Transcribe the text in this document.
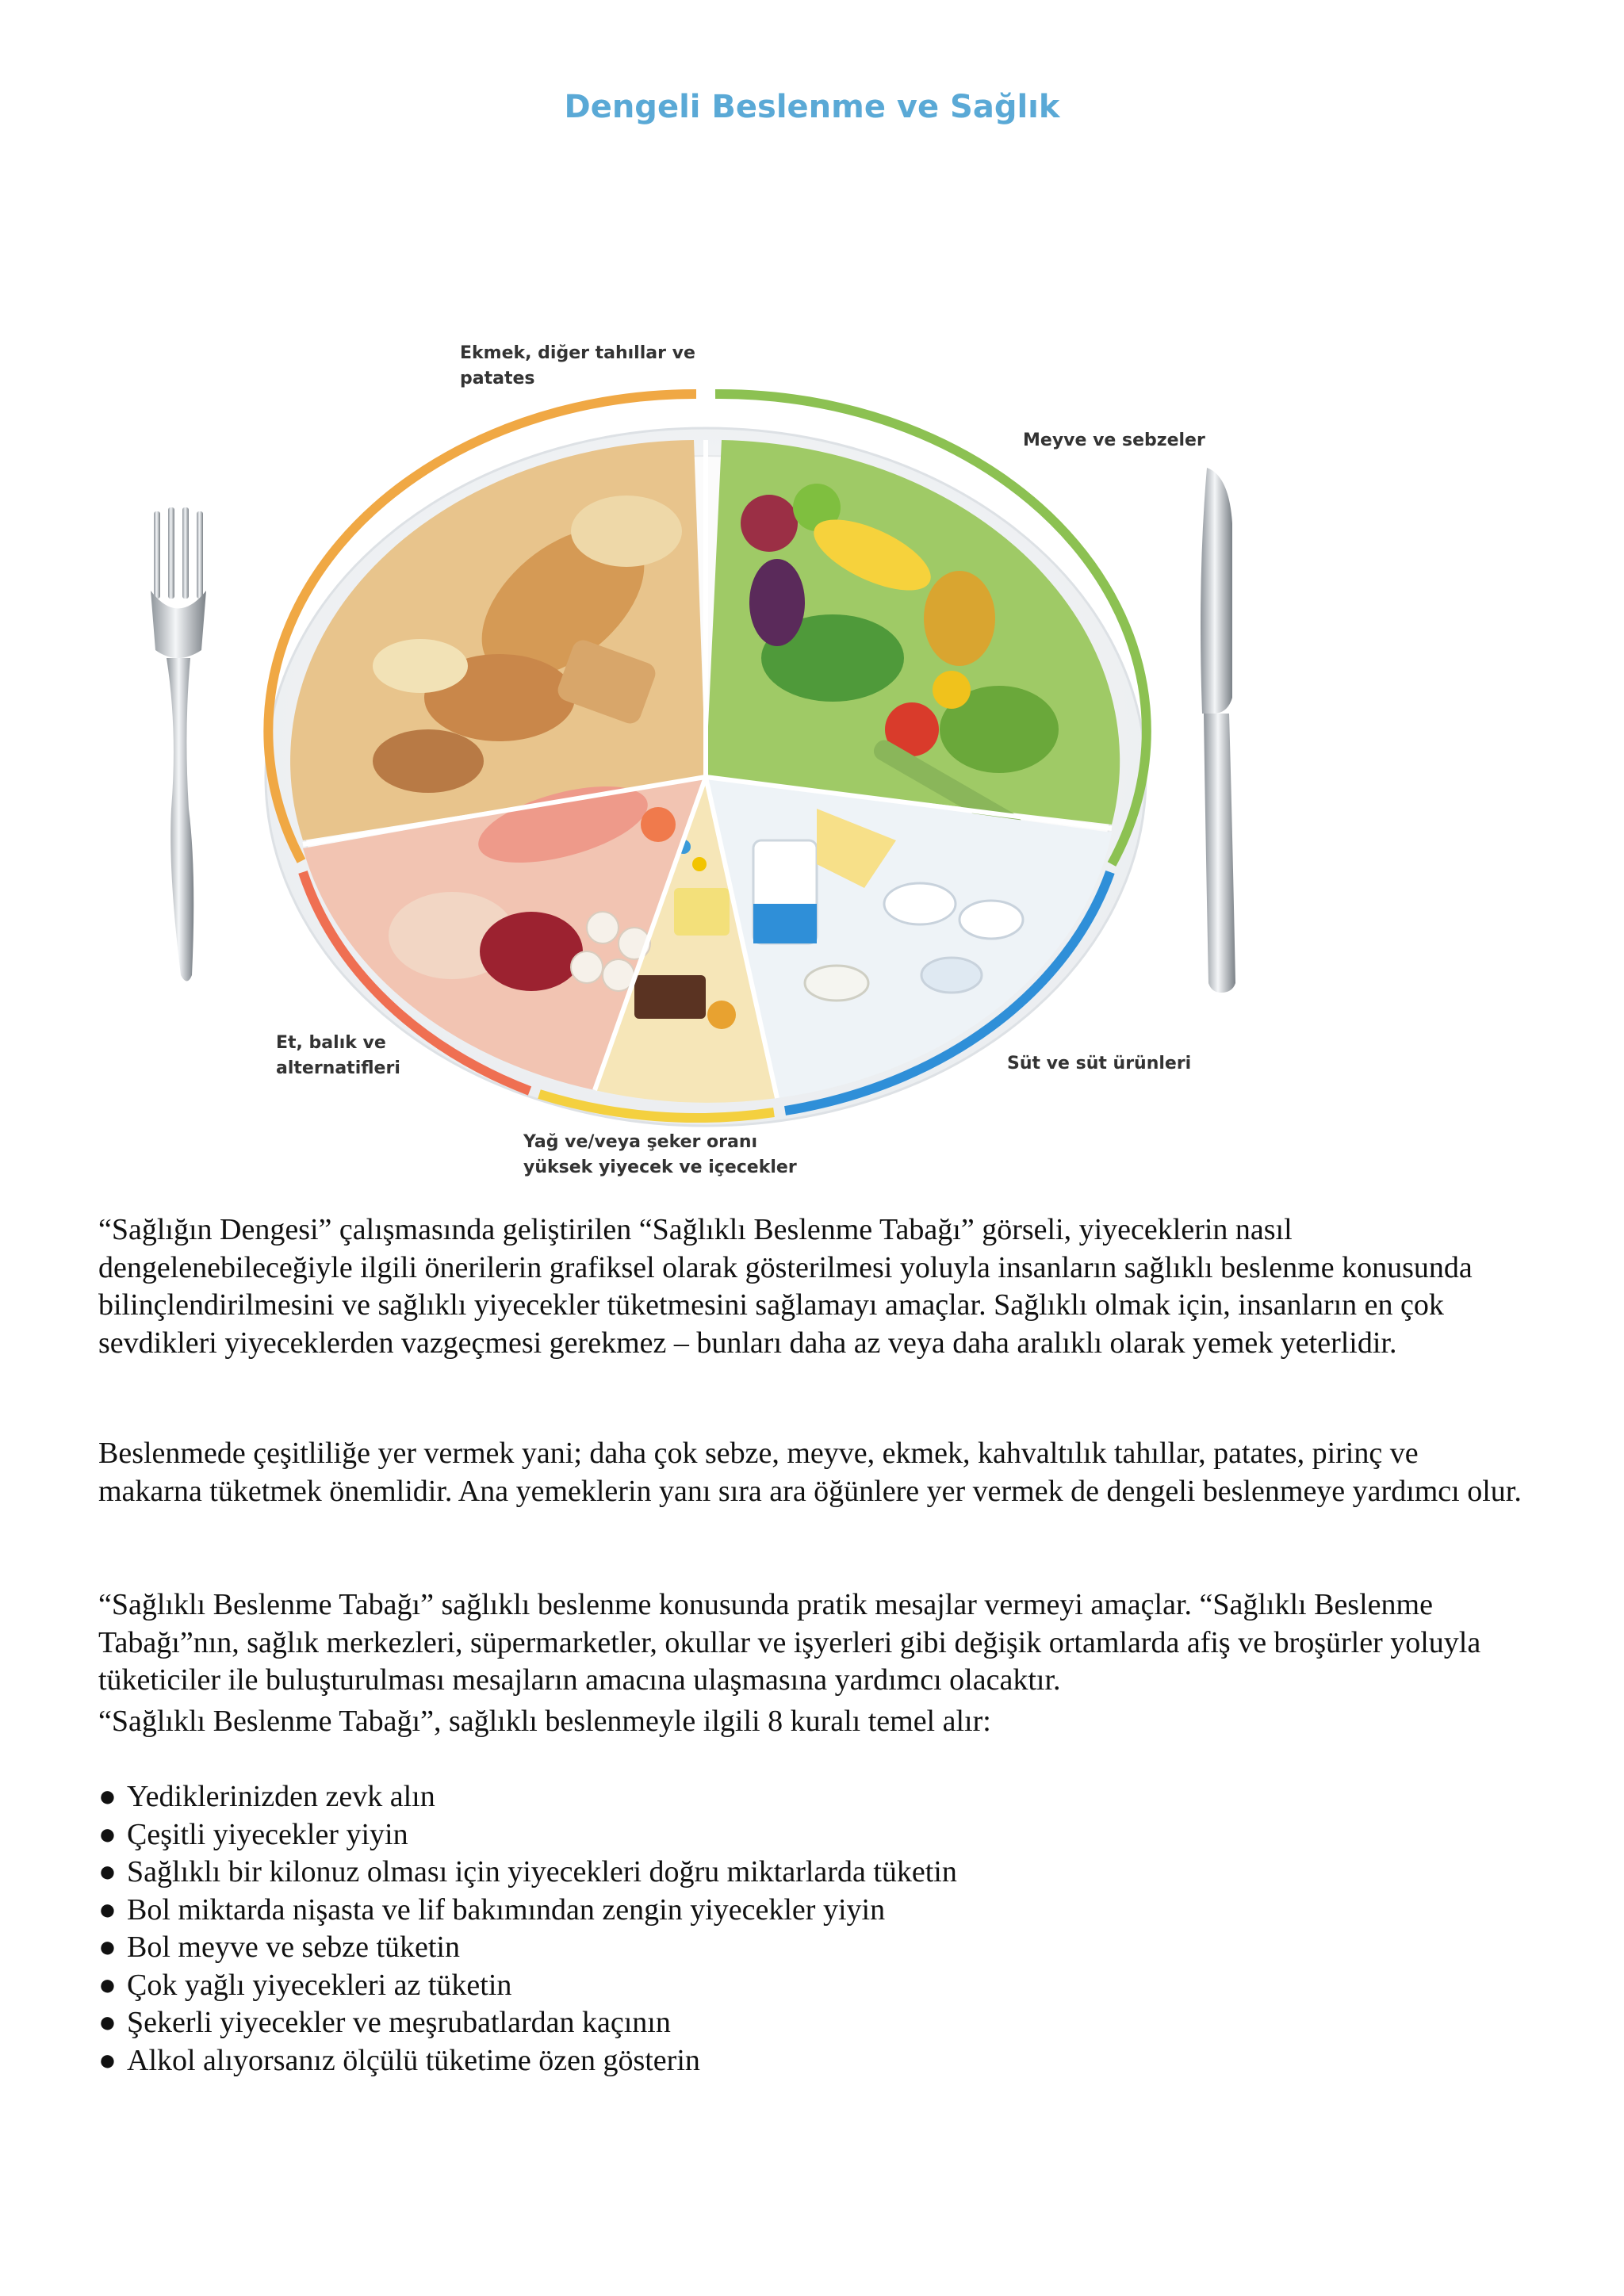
Dengeli Beslenme ve Sağlık
Ekmek, diğer tahıllar ve
patates
Meyve ve sebzeler
Et, balık ve
alternatifleri	Süt ve süt ürünleri
Yağ ve/veya şeker oranı
yüksek yiyecek ve içecekler

“Sağlığın Dengesi” çalışmasında geliştirilen “Sağlıklı Beslenme Tabağı” görseli, yiyeceklerin nasıl dengelenebileceğiyle ilgili önerilerin grafiksel olarak gösterilmesi yoluyla insanların sağlıklı beslenme konusunda bilinçlendirilmesini ve sağlıklı yiyecekler tüketmesini sağlamayı amaçlar. Sağlıklı olmak için, insanların en çok sevdikleri yiyeceklerden vazgeçmesi gerekmez – bunları daha az veya daha aralıklı olarak yemek yeterlidir.

Beslenmede çeşitliliğe yer vermek yani; daha çok sebze, meyve, ekmek, kahvaltılık tahıllar, patates, pirinç ve makarna tüketmek önemlidir. Ana yemeklerin yanı sıra ara öğünlere yer vermek de dengeli beslenmeye yardımcı olur.

“Sağlıklı Beslenme Tabağı” sağlıklı beslenme konusunda pratik mesajlar vermeyi amaçlar. “Sağlıklı Beslenme Tabağı”nın, sağlık merkezleri, süpermarketler, okullar ve işyerleri gibi değişik ortamlarda afiş ve broşürler yoluyla tüketiciler ile buluşturulması mesajların amacına ulaşmasına yardımcı olacaktır.

“Sağlıklı Beslenme Tabağı”, sağlıklı beslenmeyle ilgili 8 kuralı temel alır:

● Yediklerinizden zevk alın
● Çeşitli yiyecekler yiyin
● Sağlıklı bir kilonuz olması için yiyecekleri doğru miktarlarda tüketin
● Bol miktarda nişasta ve lif bakımından zengin yiyecekler yiyin
● Bol meyve ve sebze tüketin
● Çok yağlı yiyecekleri az tüketin
● Şekerli yiyecekler ve meşrubatlardan kaçının
● Alkol alıyorsanız ölçülü tüketime özen gösterin
